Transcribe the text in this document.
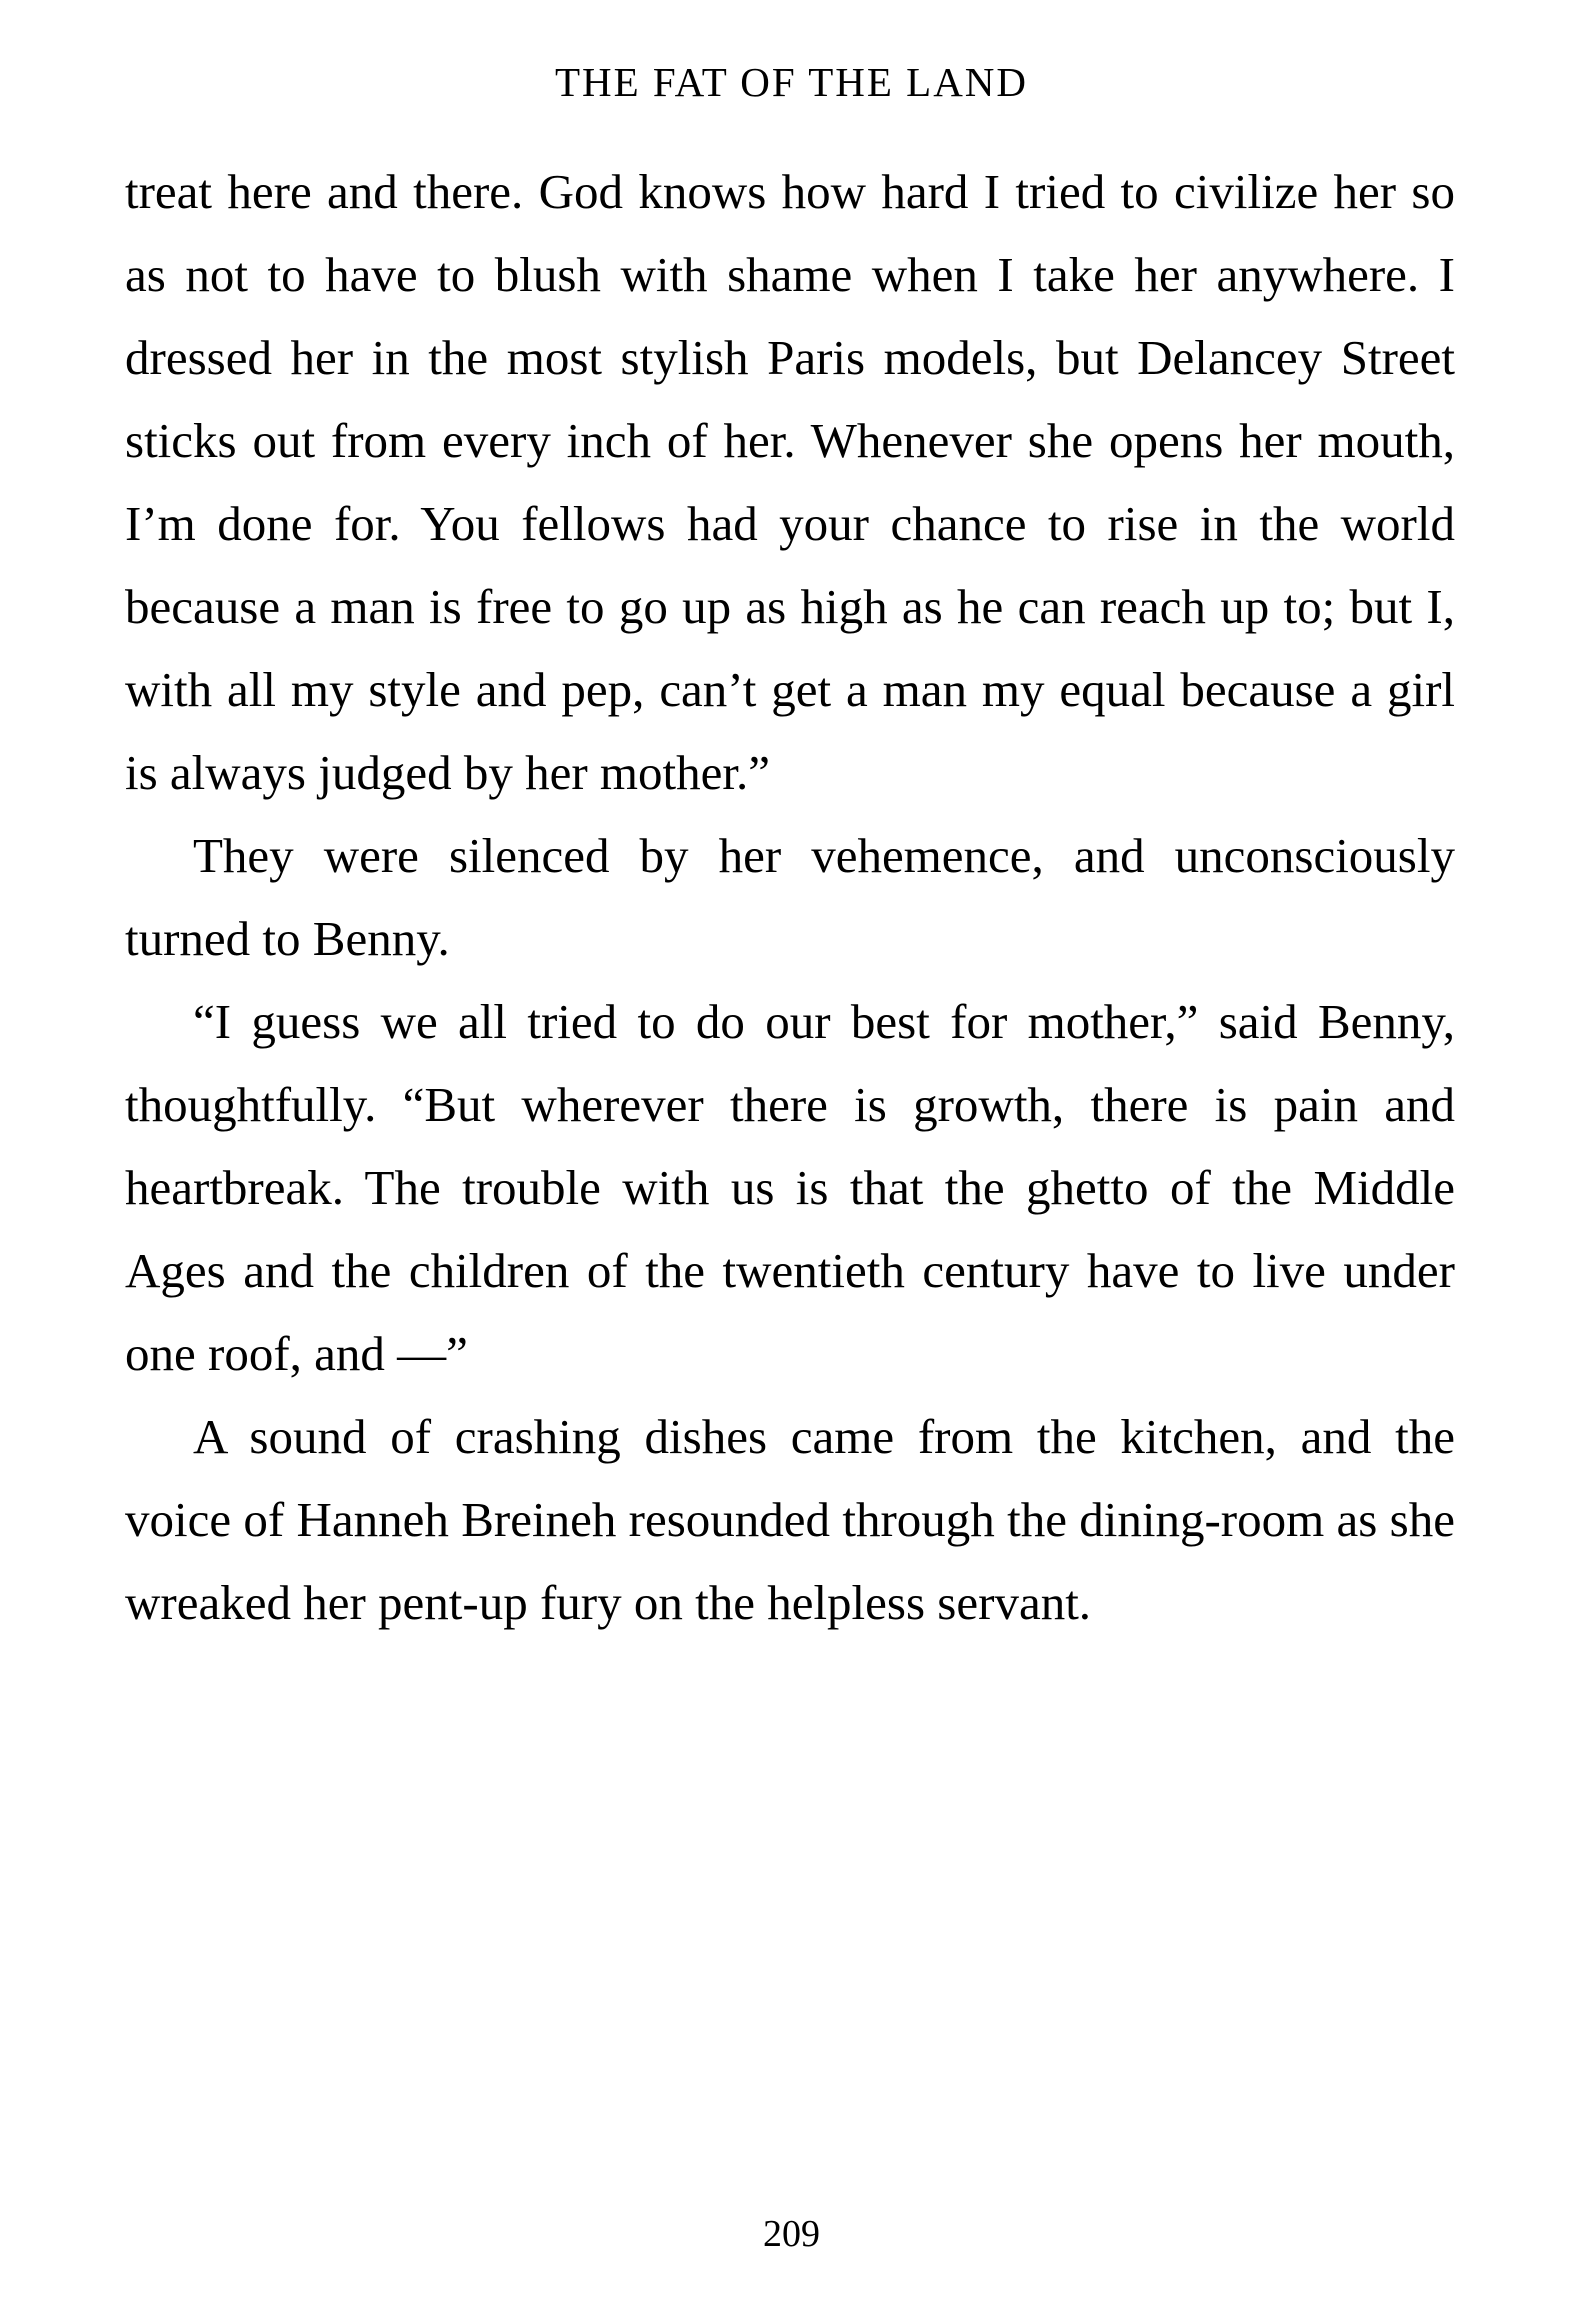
THE FAT OF THE LAND

treat here and there. God knows how hard I tried to civilize her so as not to have to blush with shame when I take her anywhere. I dressed her in the most stylish Paris models, but Delancey Street sticks out from every inch of her. Whenever she opens her mouth, I’m done for. You fellows had your chance to rise in the world because a man is free to go up as high as he can reach up to; but I, with all my style and pep, can’t get a man my equal because a girl is always judged by her mother.”

They were silenced by her vehemence, and unconsciously turned to Benny.

“I guess we all tried to do our best for mother,” said Benny, thoughtfully. “But wherever there is growth, there is pain and heartbreak. The trouble with us is that the ghetto of the Middle Ages and the children of the twentieth century have to live under one roof, and —”

A sound of crashing dishes came from the kitchen, and the voice of Hanneh Breineh resounded through the dining-room as she wreaked her pent-up fury on the helpless servant.

209
